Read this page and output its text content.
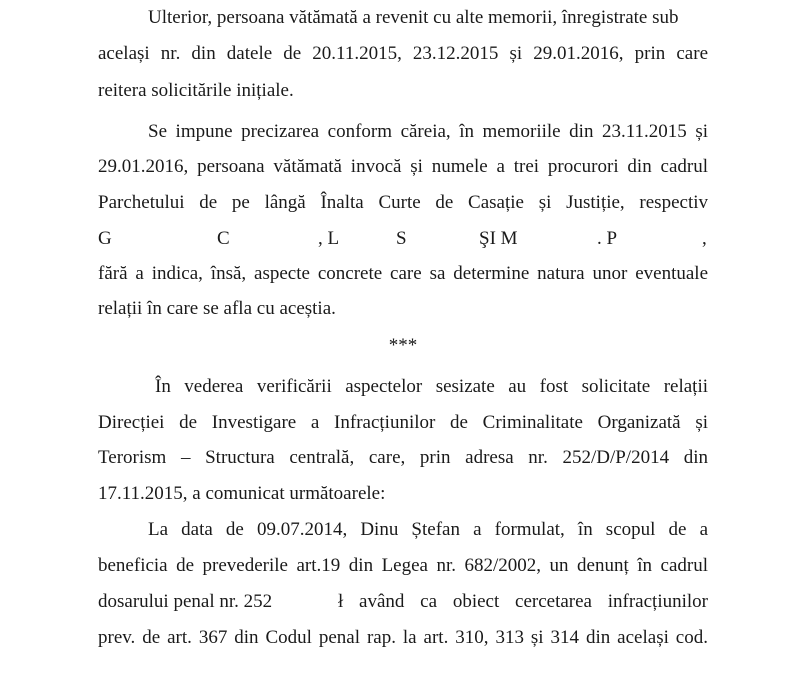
Ulterior, persoana vătămată a revenit cu alte memorii, înregistrate sub
același nr. din datele de 20.11.2015, 23.12.2015 și 29.01.2016, prin care
reitera solicitările inițiale.
Se impune precizarea conform căreia, în memoriile din 23.11.2015 și
29.01.2016, persoana vătămată invocă și numele a trei procurori din cadrul
Parchetului de pe lângă Înalta Curte de Casație și Justiție, respectiv
G	C	, L	S	ŞI M	. P	,
fără a indica, însă, aspecte concrete care sa determine natura unor eventuale
relații în care se afla cu aceștia.
***
În vederea verificării aspectelor sesizate au fost solicitate relații
Direcției de Investigare a Infracțiunilor de Criminalitate Organizată și
Terorism – Structura centrală, care, prin adresa nr. 252/D/P/2014 din
17.11.2015, a comunicat următoarele:
La data de 09.07.2014, Dinu Ștefan a formulat, în scopul de a
beneficia de prevederile art.19 din Legea nr. 682/2002, un denunț în cadrul
dosarului penal nr. 252	ł având ca obiect cercetarea infracțiunilor
prev. de art. 367 din Codul penal rap. la art. 310, 313 și 314 din același cod.
